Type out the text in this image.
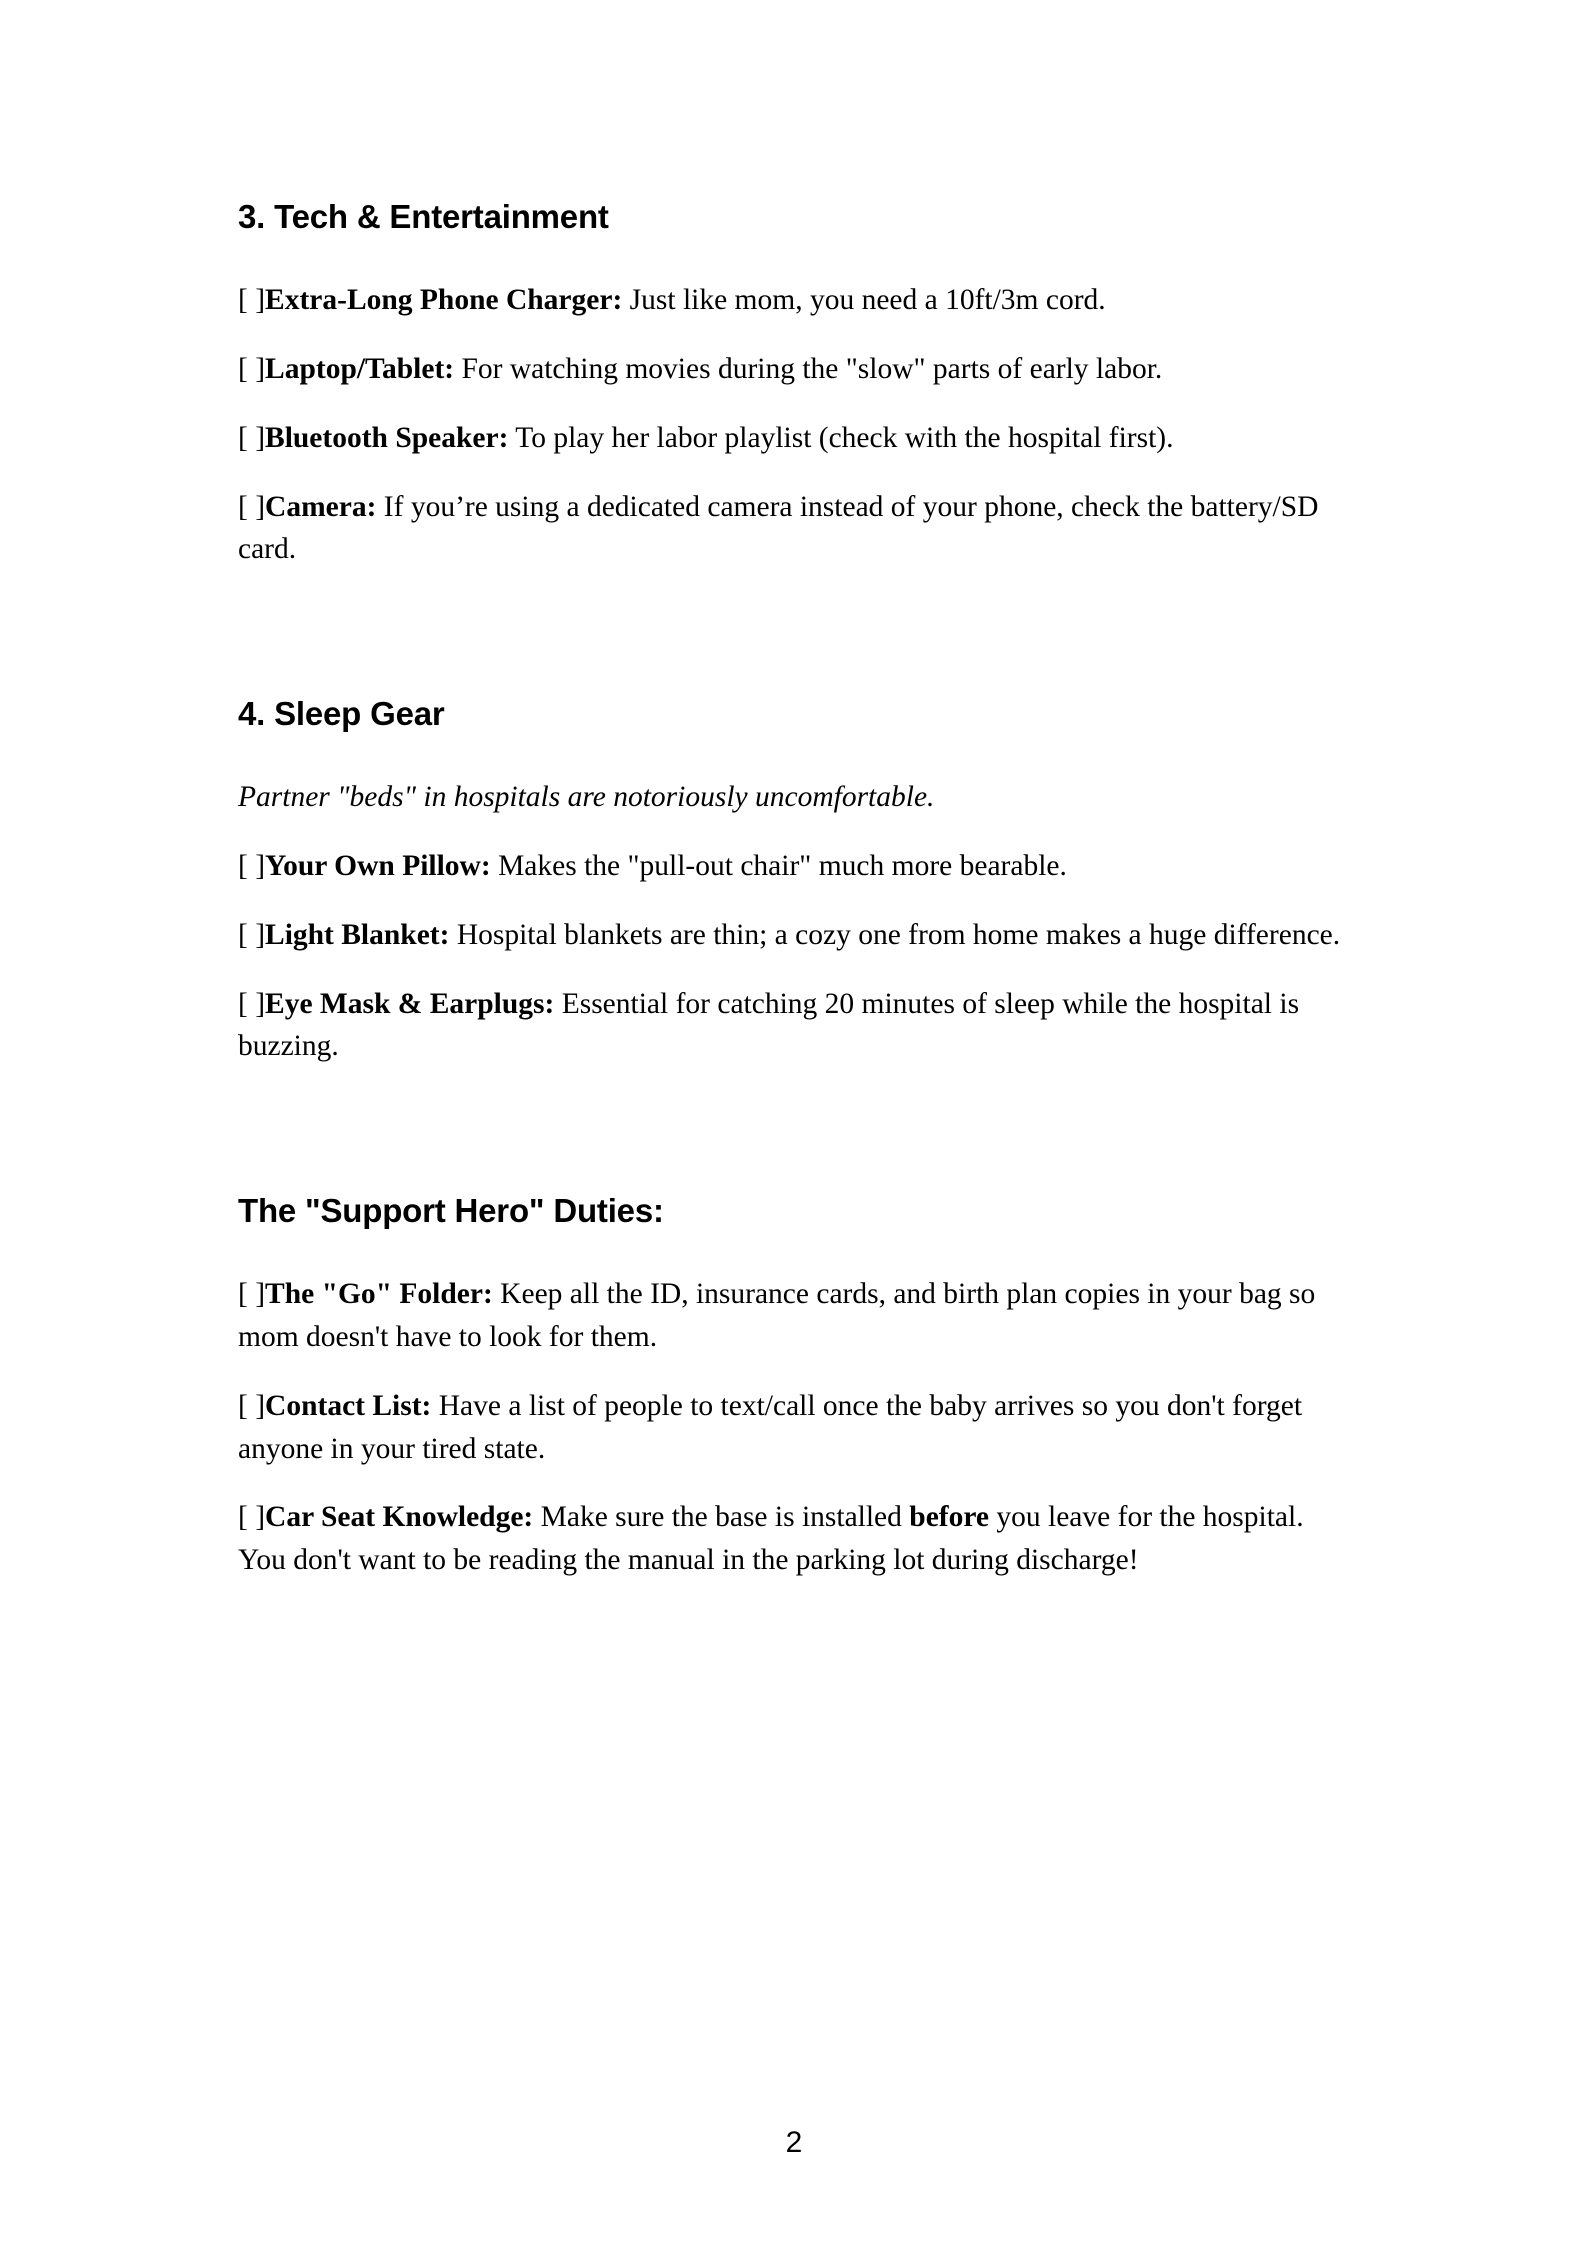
3. Tech & Entertainment

[ ]Extra-Long Phone Charger: Just like mom, you need a 10ft/3m cord.

[ ]Laptop/Tablet: For watching movies during the "slow" parts of early labor.

[ ]Bluetooth Speaker: To play her labor playlist (check with the hospital first).

[ ]Camera: If you’re using a dedicated camera instead of your phone, check the battery/SD card.

4. Sleep Gear

Partner "beds" in hospitals are notoriously uncomfortable.

[ ]Your Own Pillow: Makes the "pull-out chair" much more bearable.

[ ]Light Blanket: Hospital blankets are thin; a cozy one from home makes a huge difference.

[ ]Eye Mask & Earplugs: Essential for catching 20 minutes of sleep while the hospital is buzzing.

The "Support Hero" Duties:

[ ]The "Go" Folder: Keep all the ID, insurance cards, and birth plan copies in your bag so mom doesn't have to look for them.

[ ]Contact List: Have a list of people to text/call once the baby arrives so you don't forget anyone in your tired state.

[ ]Car Seat Knowledge: Make sure the base is installed before you leave for the hospital. You don't want to be reading the manual in the parking lot during discharge!

2
